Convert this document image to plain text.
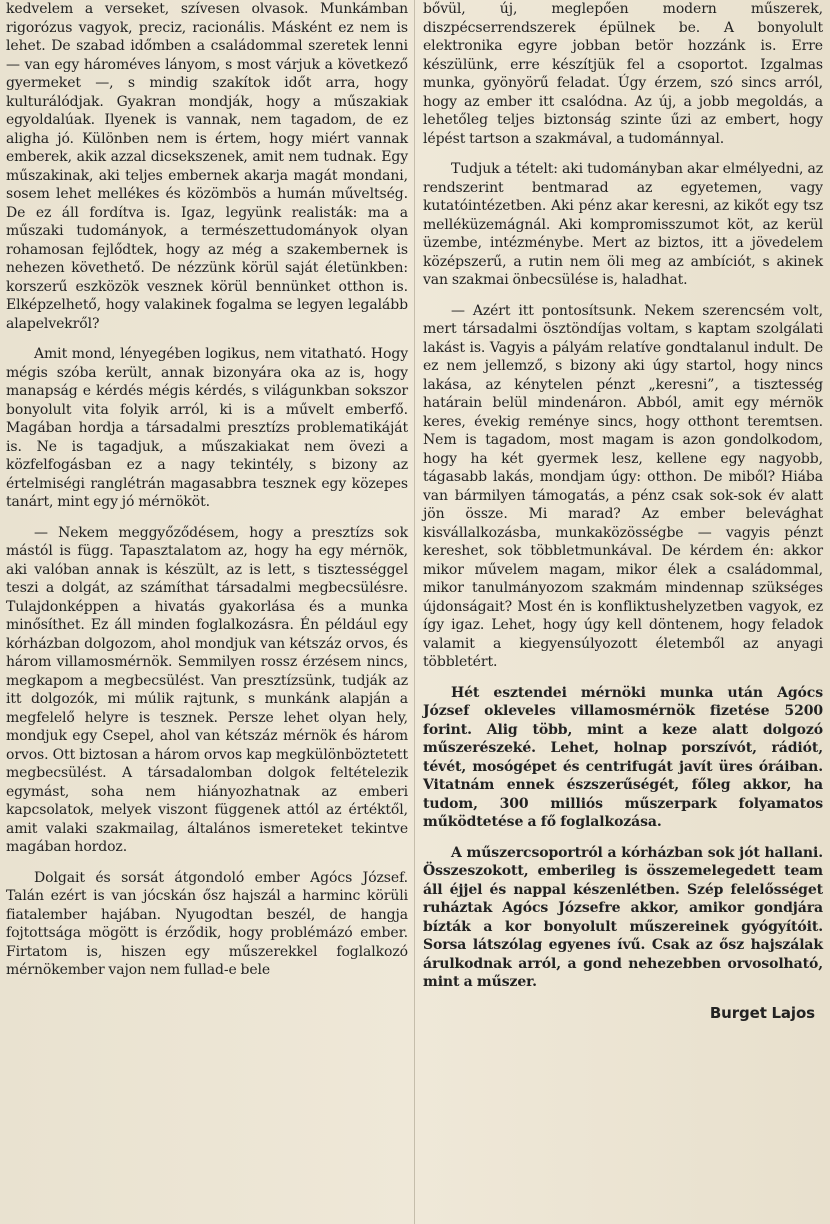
kedvelem a verseket, szívesen olvasok. Munkámban rigorózus vagyok, preciz, racionális. Másként ez nem is lehet. De szabad időmben a családommal szeretek lenni — van egy hároméves lányom, s most várjuk a következő gyermeket —, s mindig szakítok időt arra, hogy kulturálódjak. Gyakran mondják, hogy a műszakiak egyoldalúak. Ilyenek is vannak, nem tagadom, de ez aligha jó. Különben nem is értem, hogy miért vannak emberek, akik azzal dicsekszenek, amit nem tudnak. Egy műszakinak, aki teljes embernek akarja magát mondani, sosem lehet mellékes és közömbös a humán műveltség. De ez áll fordítva is. Igaz, legyünk realisták: ma a műszaki tudományok, a természettudományok olyan rohamosan fejlődtek, hogy az még a szakembernek is nehezen követhető. De nézzünk körül saját életünkben: korszerű eszközök vesznek körül bennünket otthon is. Elképzelhető, hogy valakinek fogalma se legyen legalább alapelvekről?

Amit mond, lényegében logikus, nem vitatható. Hogy mégis szóba került, annak bizonyára oka az is, hogy manapság e kérdés mégis kérdés, s világunkban sokszor bonyolult vita folyik arról, ki is a művelt emberfő. Magában hordja a társadalmi presztízs problematikáját is. Ne is tagadjuk, a műszakiakat nem övezi a közfelfogásban ez a nagy tekintély, s bizony az értelmiségi ranglétrán magasabbra tesznek egy közepes tanárt, mint egy jó mérnököt.

— Nekem meggyőződésem, hogy a presztízs sok mástól is függ. Tapasztalatom az, hogy ha egy mérnök, aki valóban annak is készült, az is lett, s tisztességgel teszi a dolgát, az számíthat társadalmi megbecsülésre. Tulajdonképpen a hivatás gyakorlása és a munka minősíthet. Ez áll minden foglalkozásra. Én például egy kórházban dolgozom, ahol mondjuk van kétszáz orvos, és három villamosmérnök. Semmilyen rossz érzésem nincs, megkapom a megbecsülést. Van presztízsünk, tudják az itt dolgozók, mi múlik rajtunk, s munkánk alapján a megfelelő helyre is tesznek. Persze lehet olyan hely, mondjuk egy Csepel, ahol van kétszáz mérnök és három orvos. Ott biztosan a három orvos kap megkülönböztetett megbecsülést. A társadalomban dolgok feltételezik egymást, soha nem hiányozhatnak az emberi kapcsolatok, melyek viszont függenek attól az értéktől, amit valaki szakmailag, általános ismereteket tekintve magában hordoz.

Dolgait és sorsát átgondoló ember Agócs József. Talán ezért is van jócskán ősz hajszál a harminc körüli fiatalember hajában. Nyugodtan beszél, de hangja fojtottsága mögött is érződik, hogy problémázó ember. Firtatom is, hiszen egy műszerekkel foglalkozó mérnökember vajon nem fullad-e bele

bővül, új, meglepően modern műszerek, diszpécserrendszerek épülnek be. A bonyolult elektronika egyre jobban betör hozzánk is. Erre készülünk, erre készítjük fel a csoportot. Izgalmas munka, gyönyörű feladat. Úgy érzem, szó sincs arról, hogy az ember itt csalódna. Az új, a jobb megoldás, a lehetőleg teljes biztonság szinte űzi az embert, hogy lépést tartson a szakmával, a tudománnyal.

Tudjuk a tételt: aki tudományban akar elmélyedni, az rendszerint bentmarad az egyetemen, vagy kutatóintézetben. Aki pénz akar keresni, az kikőt egy tsz melléküzemágnál. Aki kompromisszumot köt, az kerül üzembe, intézménybe. Mert az biztos, itt a jövedelem középszerű, a rutin nem öli meg az ambíciót, s akinek van szakmai önbecsülése is, haladhat.

— Azért itt pontosítsunk. Nekem szerencsém volt, mert társadalmi ösztöndíjas voltam, s kaptam szolgálati lakást is. Vagyis a pályám relatíve gondtalanul indult. De ez nem jellemző, s bizony aki úgy startol, hogy nincs lakása, az kénytelen pénzt „keresni”, a tisztesség határain belül mindenáron. Abból, amit egy mérnök keres, évekig reménye sincs, hogy otthont teremtsen. Nem is tagadom, most magam is azon gondolkodom, hogy ha két gyermek lesz, kellene egy nagyobb, tágasabb lakás, mondjam úgy: otthon. De miből? Hiába van bármilyen támogatás, a pénz csak sok-sok év alatt jön össze. Mi marad? Az ember belevághat kisvállalkozásba, munkaközösségbe — vagyis pénzt kereshet, sok többletmunkával. De kérdem én: akkor mikor művelem magam, mikor élek a családommal, mikor tanulmányozom szakmám mindennap szükséges újdonságait? Most én is konfliktushelyzetben vagyok, ez így igaz. Lehet, hogy úgy kell döntenem, hogy feladok valamit a kiegyensúlyozott életemből az anyagi többletért.

Hét esztendei mérnöki munka után Agócs József okleveles villamosmérnök fizetése 5200 forint. Alig több, mint a keze alatt dolgozó műszerészeké. Lehet, holnap porszívót, rádiót, tévét, mosógépet és centrifugát javít üres óráiban. Vitatnám ennek észszerűségét, főleg akkor, ha tudom, 300 milliós műszerpark folyamatos működtetése a fő foglalkozása.

A műszercsoportról a kórházban sok jót hallani. Összeszokott, emberileg is összemelegedett team áll éjjel és nappal készenlétben. Szép felelősséget ruháztak Agócs Józsefre akkor, amikor gondjára bízták a kor bonyolult műszereinek gyógyítóit. Sorsa látszólag egyenes ívű. Csak az ősz hajszálak árulkodnak arról, a gond nehezebben orvosolható, mint a műszer.

Burget Lajos
